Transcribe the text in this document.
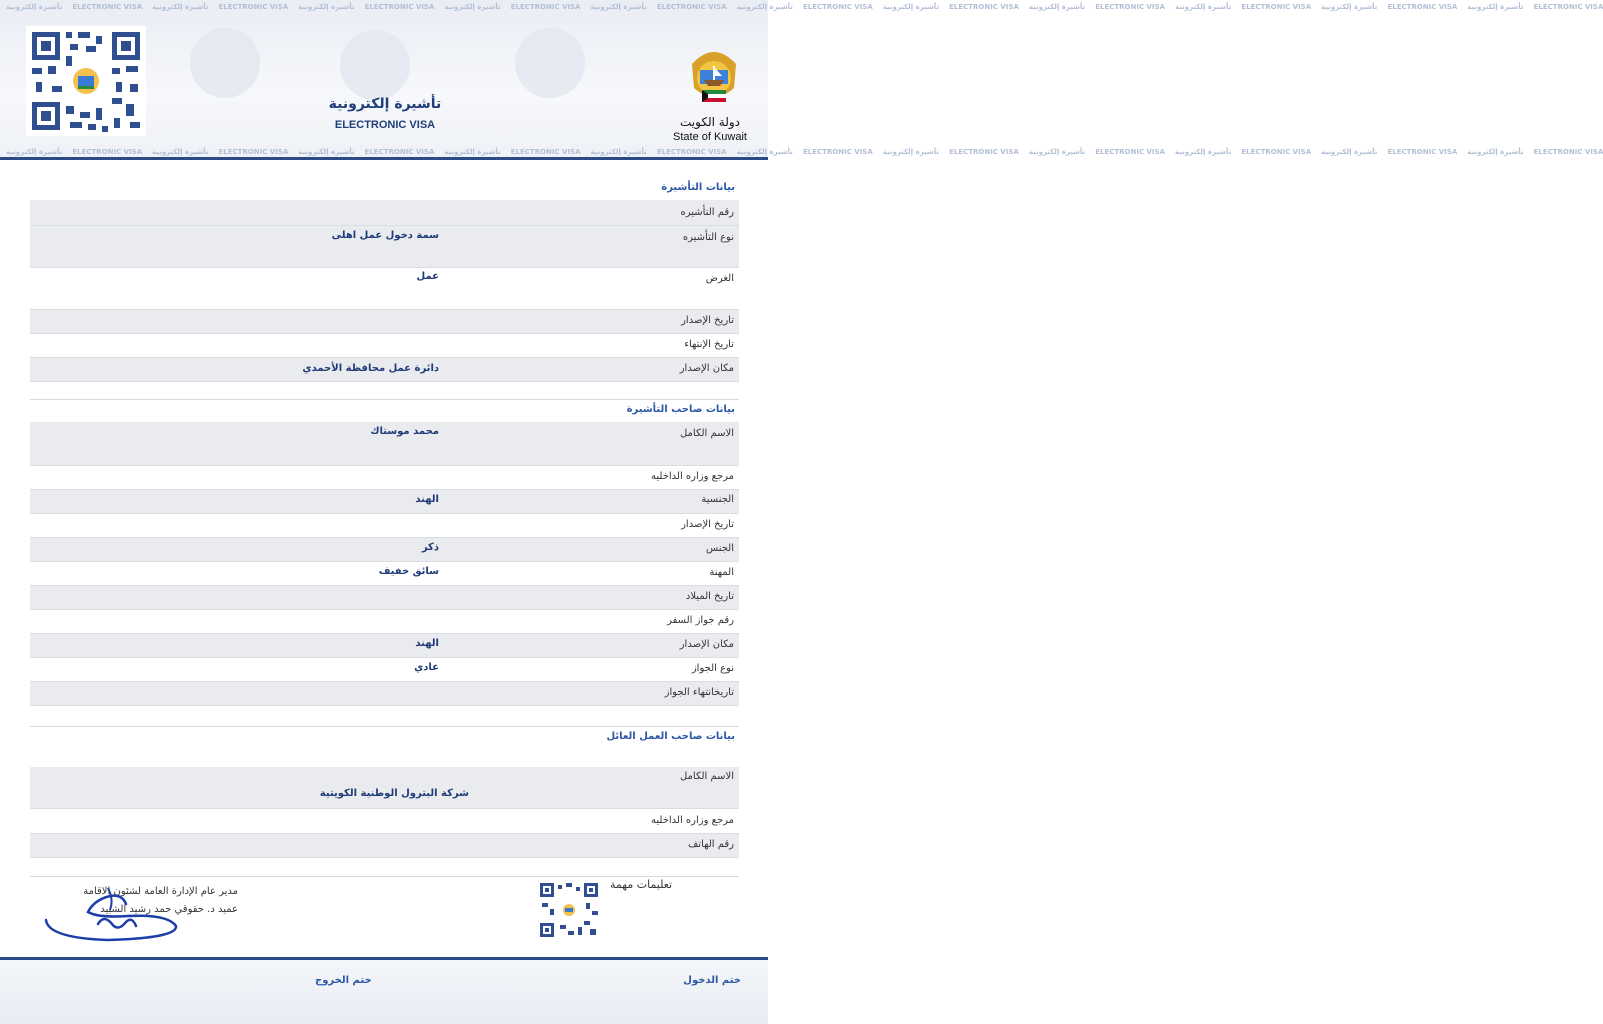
تأشيرة إلكترونية ELECTRONIC VISA تأشيرة إلكترونية ELECTRONIC VISA تأشيرة إلكترونية ELECTRONIC VISA تأشيرة إلكترونية ELECTRONIC VISA تأشيرة إلكترونية ELECTRONIC VISA تأشيرة إلكترونية ELECTRONIC VISA تأشيرة إلكترونية ELECTRONIC VISA تأشيرة إلكترونية ELECTRONIC VISA تأشيرة إلكترونية ELECTRONIC VISA تأشيرة إلكترونية ELECTRONIC VISA تأشيرة إلكترونية ELECTRONIC VISA
تأشيرة إلكترونية
ELECTRONIC VISA	دولة الكويت
State of Kuwait
تأشيرة إلكترونية ELECTRONIC VISA تأشيرة إلكترونية ELECTRONIC VISA تأشيرة إلكترونية ELECTRONIC VISA تأشيرة إلكترونية ELECTRONIC VISA تأشيرة إلكترونية ELECTRONIC VISA تأشيرة إلكترونية ELECTRONIC VISA تأشيرة إلكترونية ELECTRONIC VISA تأشيرة إلكترونية ELECTRONIC VISA تأشيرة إلكترونية ELECTRONIC VISA تأشيرة إلكترونية ELECTRONIC VISA تأشيرة إلكترونية ELECTRONIC VISA
بيانات التأشيرة
رقم التأشيره
نوع التأشيره
سمة دخول عمل اهلى
الغرض
عمل
تاريخ الإصدار
تاريخ الإنتهاء
مكان الإصدار
دائرة عمل محافظة الأحمدي
بيانات صاحب التأشيرة
الاسم الكامل
محمد موستاك
مرجع وزاره الداخليه
الجنسية
الهند
تاريخ الإصدار
الجنس
ذكر
المهنة
سائق خفيف
تاريخ الميلاد
رقم جواز السفر
مكان الإصدار
الهند
نوع الجواز
عادي
تاريخانتهاء الجواز
بيانات صاحب العمل العائل
الاسم الكامل
شركة البترول الوطنية الكويتية
مرجع وزاره الداخليه
رقم الهاتف
مدير عام الإدارة العامة لشئون الاقامة
عميد د. حقوقي حمد رشيد الشبيد
تعليمات مهمة
ختم الدخول
ختم الخروج
